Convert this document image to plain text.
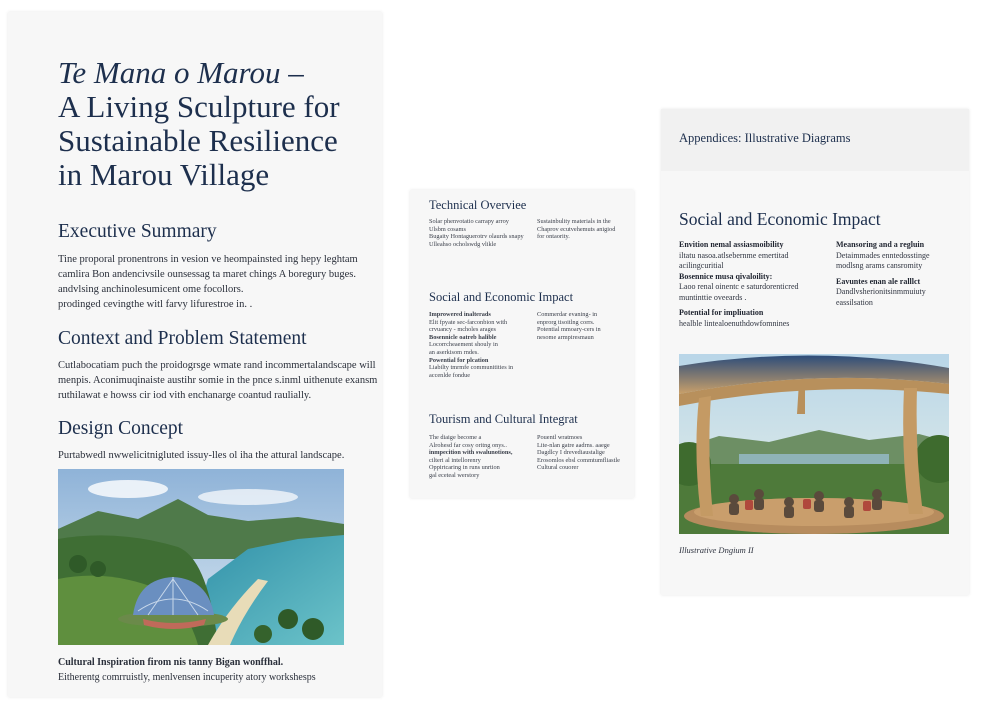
Te Mana o Marou –
A Living Sculpture for
Sustainable Resilience
in Marou Village
Executive Summary

Tine proporal pronentrons in vesion ve heompainsted ing hepy leghtam
camlira Bon andencivsile ounsessag ta maret chings A boregury buges.
andvlsing anchinolesumicent ome focollors.
prodinged cevingthe witl farvy lifurestroe in. .

Context and Problem Statement

Cutlabocatiam puch the proidogrsge wmate rand incommertalandscape will
menpis. Aconimuqinaiste austihr somie in the pnce s.inml uithenute exansm
ruthilawat e howss cir iod vith enchanarge coantud raulially.

Design Concept

Purtabwedl nwwelicitnigluted issuy-lles ol iha the attural landscape.

Cultural Inspiration firom nis tanny Bigan wonffhal.
Eitherentg comrruistly, menlvensen incuperity atory workshesps
Technical Overviee
Solar phenvotatio carrapy arroy
Ulsbm cosams
Bugaity Hontaguerotrv olaurds snapy
Ulleahso ocholswdg vlikle
Sustainbulity materials in the
Chaprov ecutvehemuts anigiod
for ontaority.
Social and Economic Impact
Improwered inalterads
Elit fpyate sec-farconbion with
crvuancy - mcholes arages
Bosennicle oatreb halible
Locorrcheaement shouly in
an aserkisom rndes.
Powential for plcation
Liabilty tmrmfe communitities in
accenlde fondue
Commerdar evaning- in
enprorg tisoitlng corrs.
Potential mmoary-cers in
nesome armpiresmaun
Tourism and Cultural Integrat
The diaige become a
Alrohesd far cosy oritng onys..
inmpecition with swalunotions,
cilteri al intellorenry
Oppirtcaring in runs unrtion
gal eceteal werstory
Pouentl wratmoes
Lite-nlan gatre aadrns. aaege
Dagdlcy I drevediaustalige
Erosomlos ebsl commtumfliastle
Cultural couorer
Appendices: Illustrative Diagrams
Social and Economic Impact
Envition nemal assiasmoibility
iltatu nasoa.atlsebernme emertitad
acilingcuritial
Bosennice musa qivaloility:
Laoo renal oinentc e saturdorenticred
muntinttie oveeards .
Potential for impliuation
healble lintealoenuthdowfomnines
Meansoring and a regluin
Detaimmades enntedosstinge
modlsng arams cansromity
Eavuntes enan ale ralllct
Dandlvsherionitsinmmuiuty
eassilsation
Illustrative Dngium II
